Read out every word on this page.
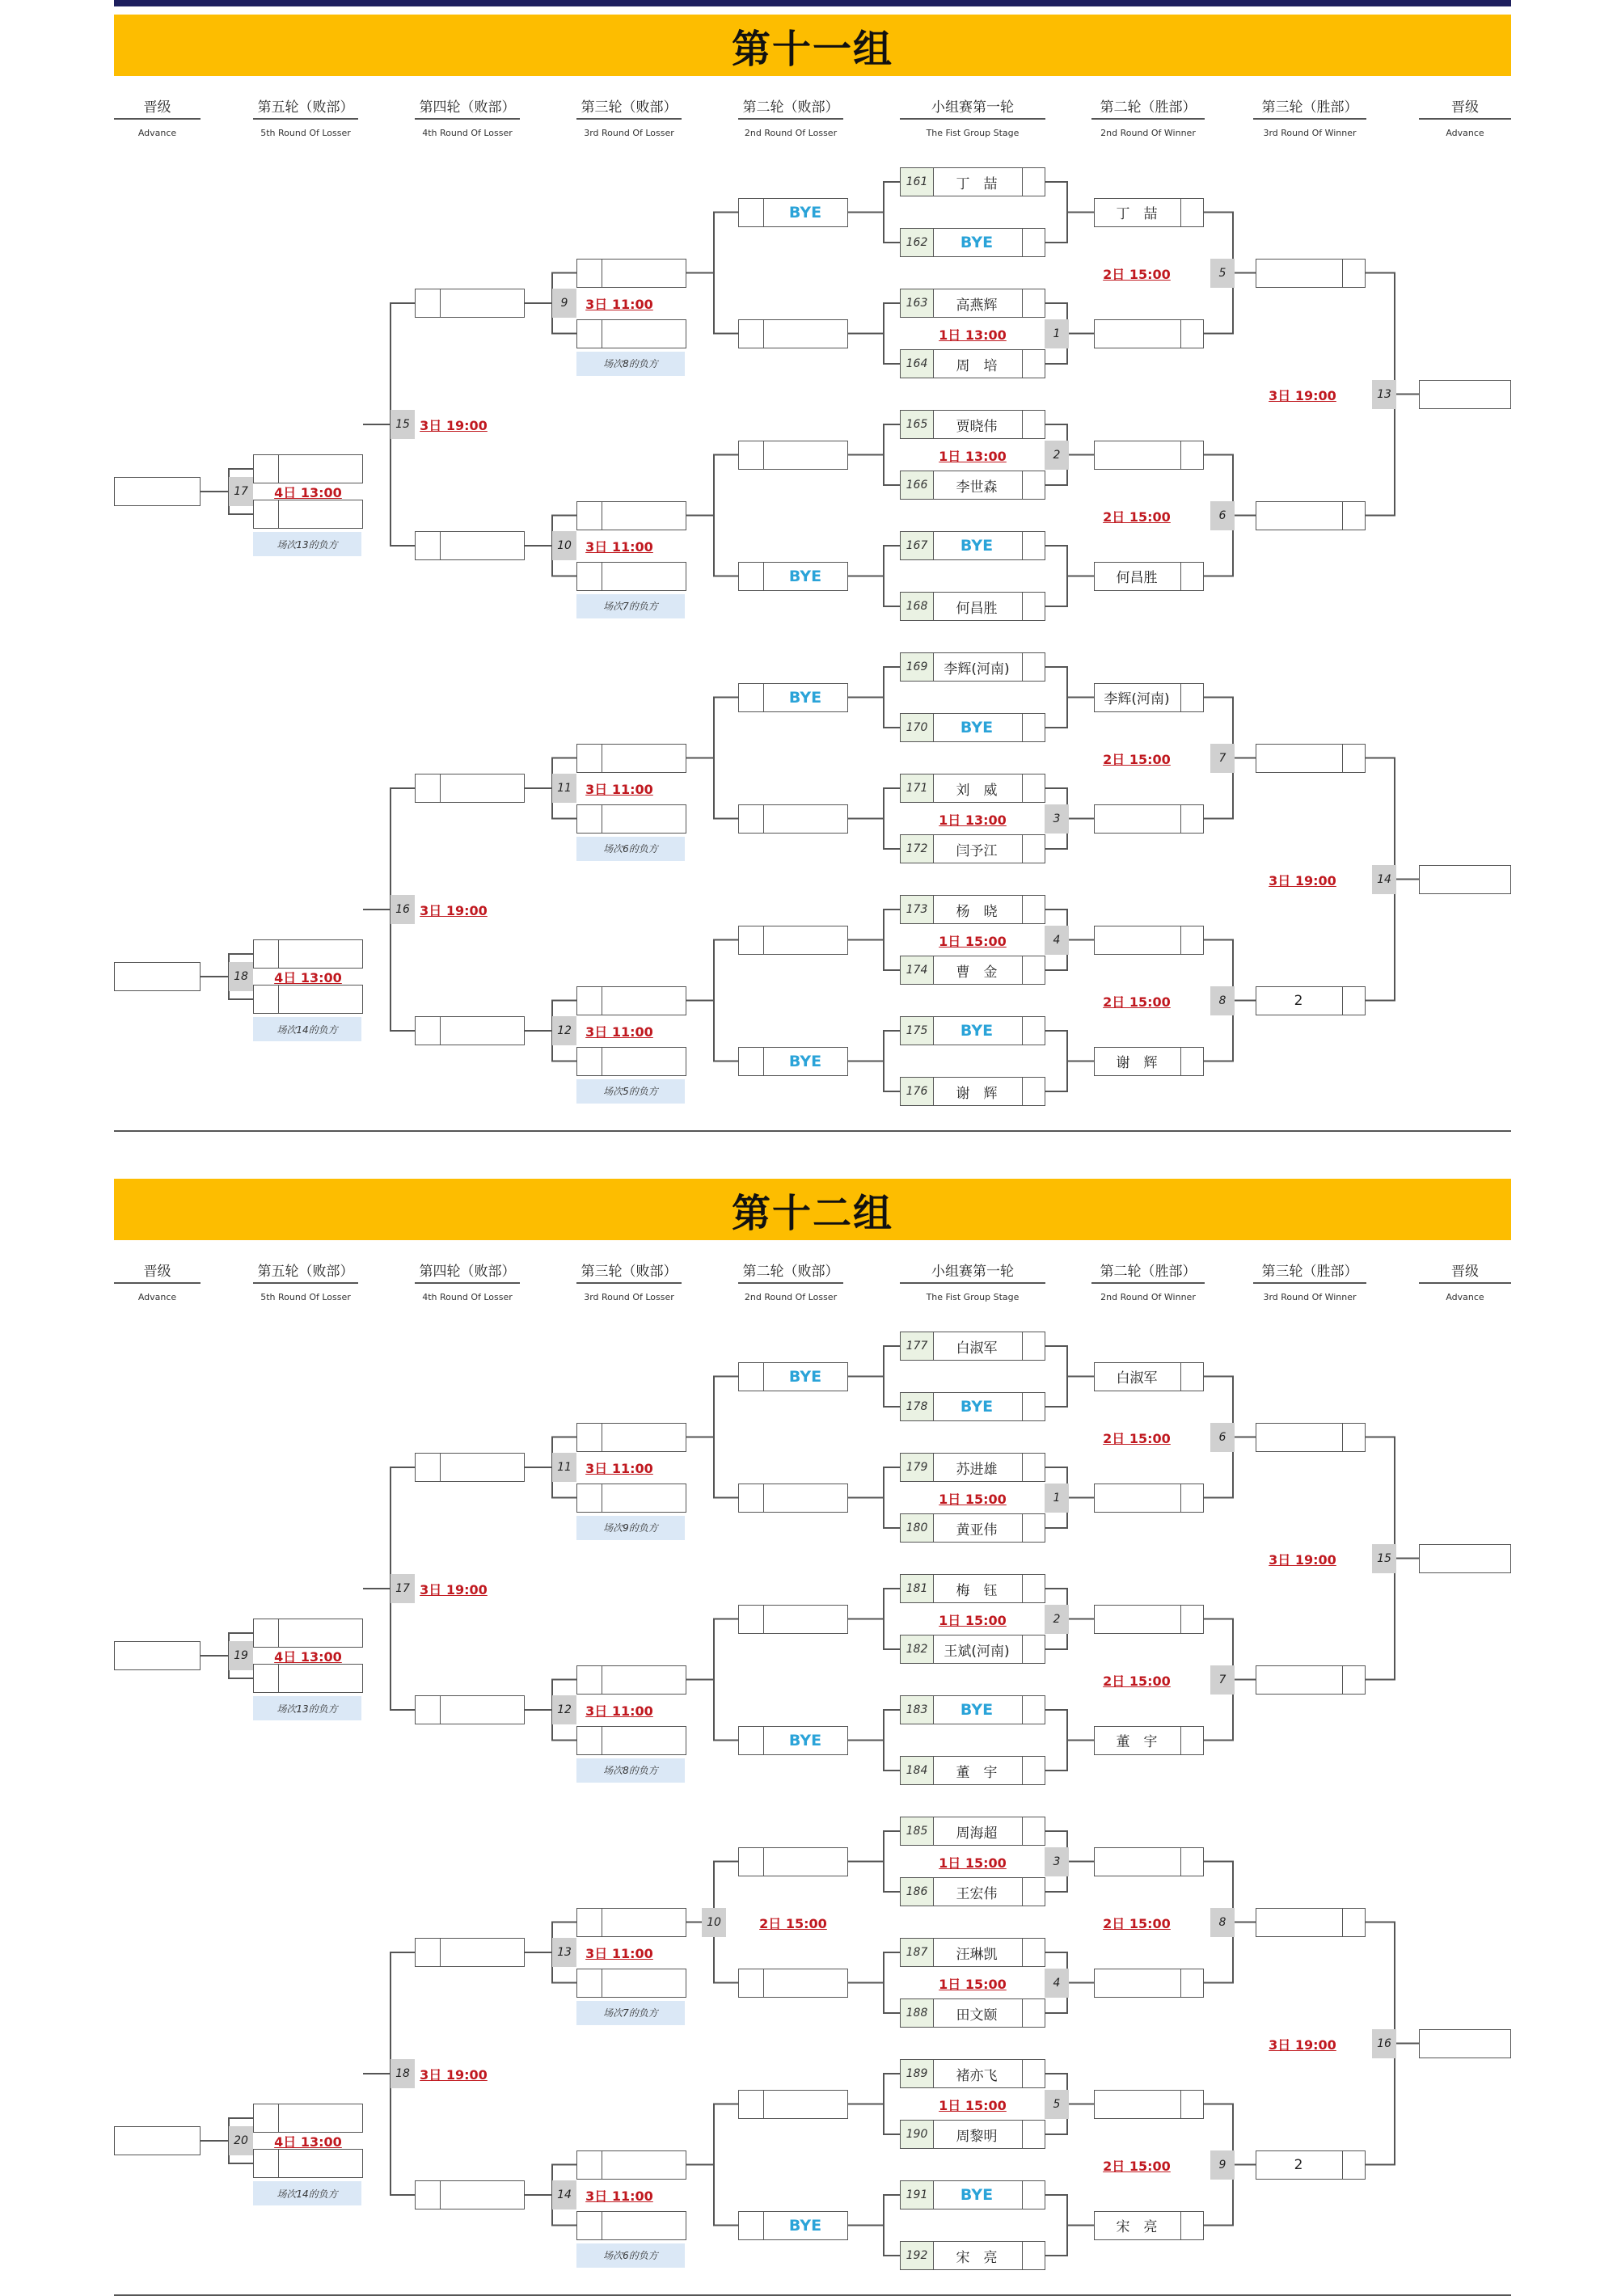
第十一组
晋级
Advance
第五轮（败部）
5th Round Of Losser
第四轮（败部）
4th Round Of Losser
第三轮（败部）
3rd Round Of Losser
第二轮（败部）
2nd Round Of Losser
小组赛第一轮
The Fist Group Stage
第二轮（胜部）
2nd Round Of Winner
第三轮（胜部）
3rd Round Of Winner
晋级
Advance
161	丁　喆
162	BYE
163	高燕辉
164	周　培
165	贾晓伟
166	李世森
167	BYE
168	何昌胜
169	李辉(河南)
170	BYE
171	刘　威
172	闫予江
173	杨　晓
174	曹　金
175	BYE
176	谢　辉
1
1日 13:00
2
1日 13:00
3
1日 13:00
4
1日 15:00
丁　喆
何昌胜
李辉(河南)
谢　辉
5
2日 15:00
6
2日 15:00
7
2日 15:00
8
2日 15:00	2
13
3日 19:00
14
3日 19:00
BYE
BYE
BYE
BYE
场次8的负方
9	3日 11:00
场次7的负方
10	3日 11:00
场次6的负方
11	3日 11:00
场次5的负方
12	3日 11:00
15 3日 19:00
场次13的负方
17	4日 13:00
16 3日 19:00
场次14的负方
18	4日 13:00
第十二组
晋级
Advance
第五轮（败部）
5th Round Of Losser
第四轮（败部）
4th Round Of Losser
第三轮（败部）
3rd Round Of Losser
第二轮（败部）
2nd Round Of Losser
小组赛第一轮
The Fist Group Stage
第二轮（胜部）
2nd Round Of Winner
第三轮（胜部）
3rd Round Of Winner
晋级
Advance
177	白淑军
178	BYE
179	苏进雄
180	黄亚伟
181	梅　钰
182	王斌(河南)
183	BYE
184	董　宇
185	周海超
186	王宏伟
187	汪琳凯
188	田文颐
189	褚亦飞
190	周黎明
191	BYE
192	宋　亮
1
1日 15:00
2
1日 15:00
3
1日 15:00
4
1日 15:00
5
1日 15:00
白淑军
董　宇
宋　亮
6
2日 15:00
7
2日 15:00
8
2日 15:00
9
2日 15:00	2
15
3日 19:00
16
3日 19:00
BYE
BYE
BYE
10	2日 15:00
场次9的负方
11	3日 11:00
场次8的负方
12	3日 11:00
场次7的负方
13	3日 11:00
场次6的负方
14	3日 11:00
17 3日 19:00
场次13的负方
19	4日 13:00
18 3日 19:00
场次14的负方
20	4日 13:00
